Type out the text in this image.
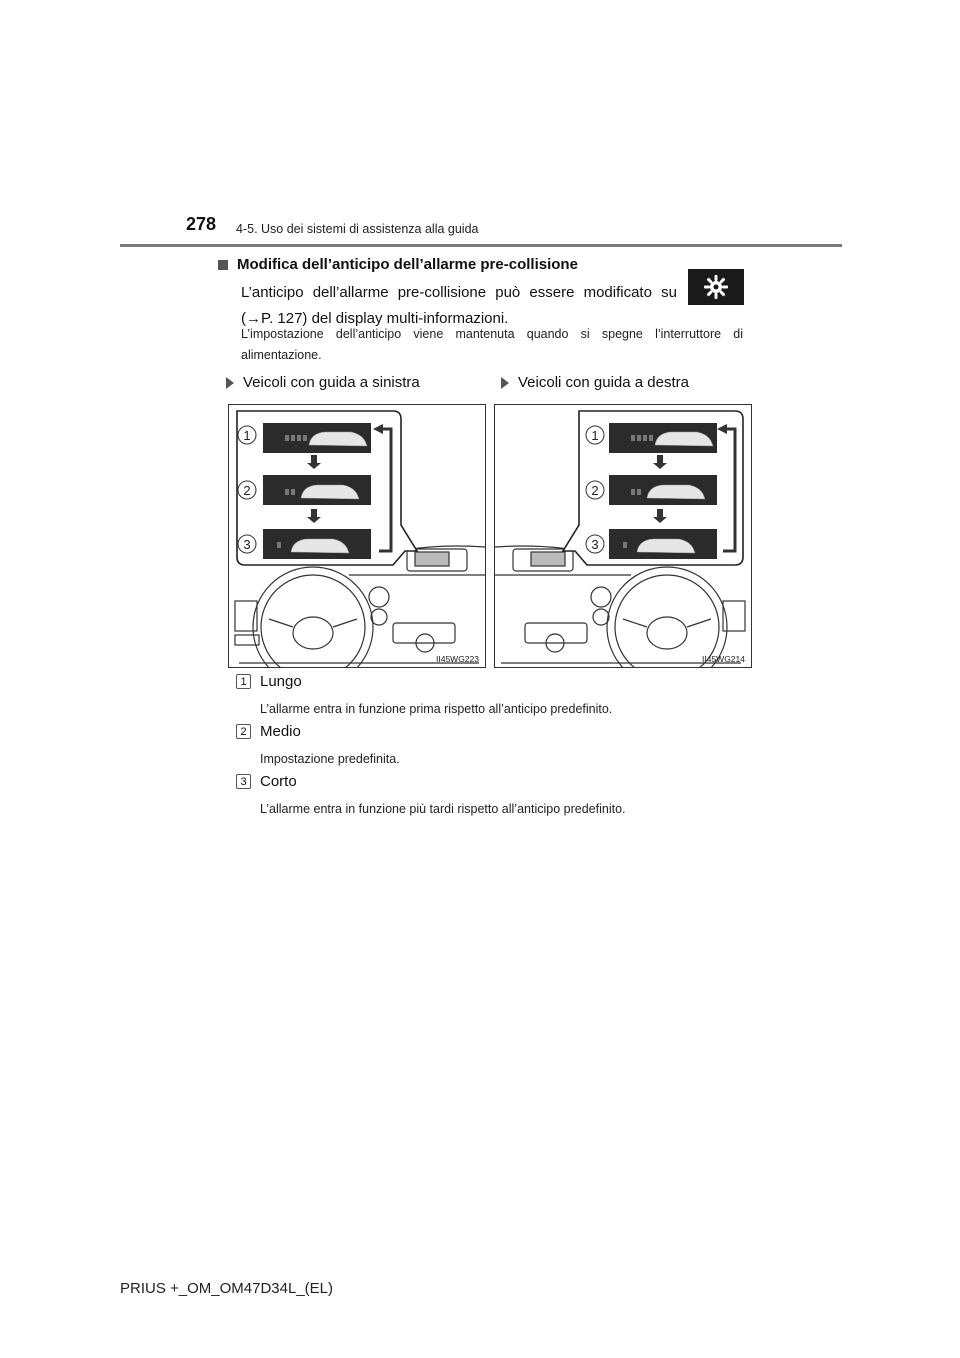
278 4-5. Uso dei sistemi di assistenza alla guida
Modifica dell’anticipo dell’allarme pre-collisione
L’anticipo dell’allarme pre-collisione può essere modificato su
(→P. 127) del display multi-informazioni.
L’impostazione dell’anticipo viene mantenuta quando si spegne l’interruttore di alimentazione.
Veicoli con guida a sinistra	Veicoli con guida a destra
1
2
3
II45WG223
1
2
3
II45WG214
1 Lungo
L’allarme entra in funzione prima rispetto all’anticipo predefinito.
2 Medio
Impostazione predefinita.
3 Corto
L’allarme entra in funzione più tardi rispetto all’anticipo predefinito.
PRIUS +_OM_OM47D34L_(EL)
